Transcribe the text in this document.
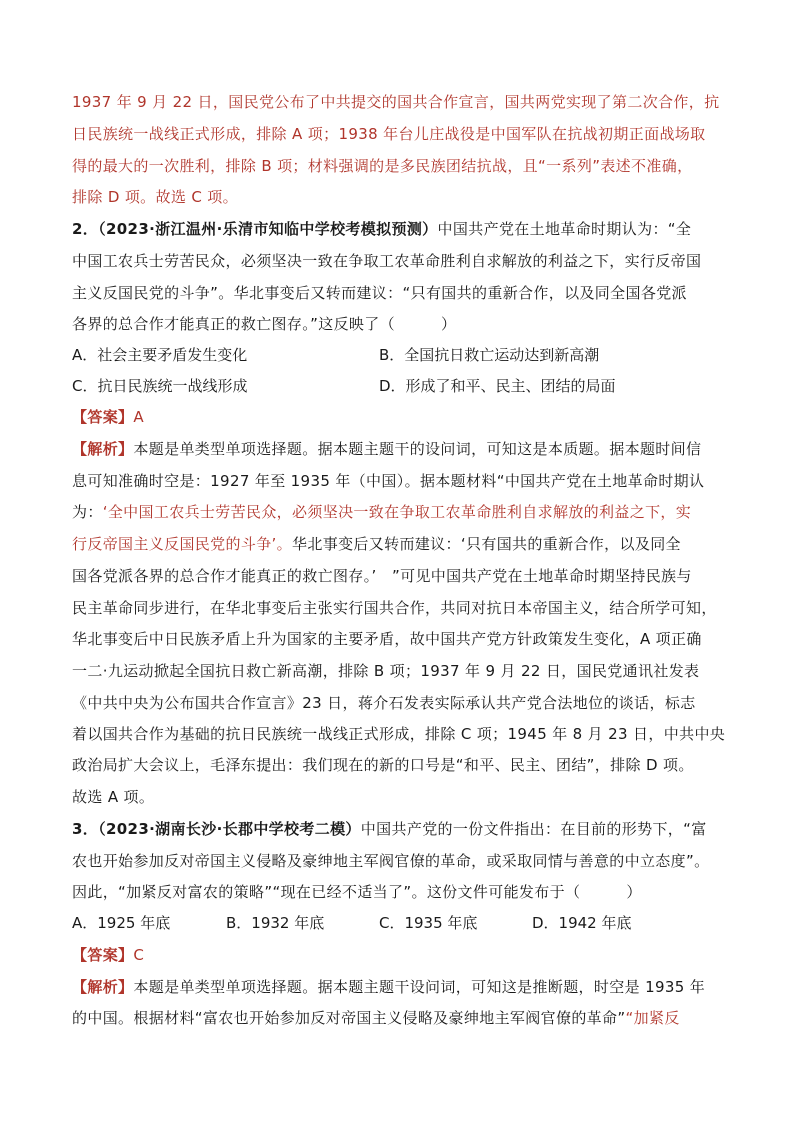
1937 年 9 月 22 日，国民党公布了中共提交的国共合作宣言，国共两党实现了第二次合作，抗
日民族统一战线正式形成，排除 A 项；1938 年台儿庄战役是中国军队在抗战初期正面战场取
得的最大的一次胜利，排除 B 项；材料强调的是多民族团结抗战，且“一系列”表述不准确，
排除 D 项。故选 C 项。
2．（2023·浙江温州·乐清市知临中学校考模拟预测）中国共产党在土地革命时期认为：“全
中国工农兵士劳苦民众，必须坚决一致在争取工农革命胜利自求解放的利益之下，实行反帝国
主义反国民党的斗争”。华北事变后又转而建议：“只有国共的重新合作，以及同全国各党派
各界的总合作才能真正的救亡图存。”这反映了（　　　）
A．社会主要矛盾发生变化	B．全国抗日救亡运动达到新高潮
C．抗日民族统一战线形成	D．形成了和平、民主、团结的局面
【答案】A
【解析】本题是单类型单项选择题。据本题主题干的设问词，可知这是本质题。据本题时间信
息可知准确时空是：1927 年至 1935 年（中国）。据本题材料“中国共产党在土地革命时期认
为：‘全中国工农兵士劳苦民众，必须坚决一致在争取工农革命胜利自求解放的利益之下，实
行反帝国主义反国民党的斗争’。华北事变后又转而建议：‘只有国共的重新合作，以及同全
国各党派各界的总合作才能真正的救亡图存。’　”可见中国共产党在土地革命时期坚持民族与
民主革命同步进行，在华北事变后主张实行国共合作，共同对抗日本帝国主义，结合所学可知，
华北事变后中日民族矛盾上升为国家的主要矛盾，故中国共产党方针政策发生变化，A 项正确
一二·九运动掀起全国抗日救亡新高潮，排除 B 项；1937 年 9 月 22 日，国民党通讯社发表
《中共中央为公布国共合作宣言》23 日，蒋介石发表实际承认共产党合法地位的谈话，标志
着以国共合作为基础的抗日民族统一战线正式形成，排除 C 项；1945 年 8 月 23 日，中共中央
政治局扩大会议上，毛泽东提出：我们现在的新的口号是“和平、民主、团结”，排除 D 项。
故选 A 项。
3．（2023·湖南长沙·长郡中学校考二模）中国共产党的一份文件指出：在目前的形势下，“富
农也开始参加反对帝国主义侵略及豪绅地主军阀官僚的革命，或采取同情与善意的中立态度”。
因此，“加紧反对富农的策略”“现在已经不适当了”。这份文件可能发布于（　　　）
A．1925 年底	B．1932 年底	C．1935 年底	D．1942 年底
【答案】C
【解析】本题是单类型单项选择题。据本题主题干设问词，可知这是推断题，时空是 1935 年
的中国。根据材料“富农也开始参加反对帝国主义侵略及豪绅地主军阀官僚的革命”“加紧反
